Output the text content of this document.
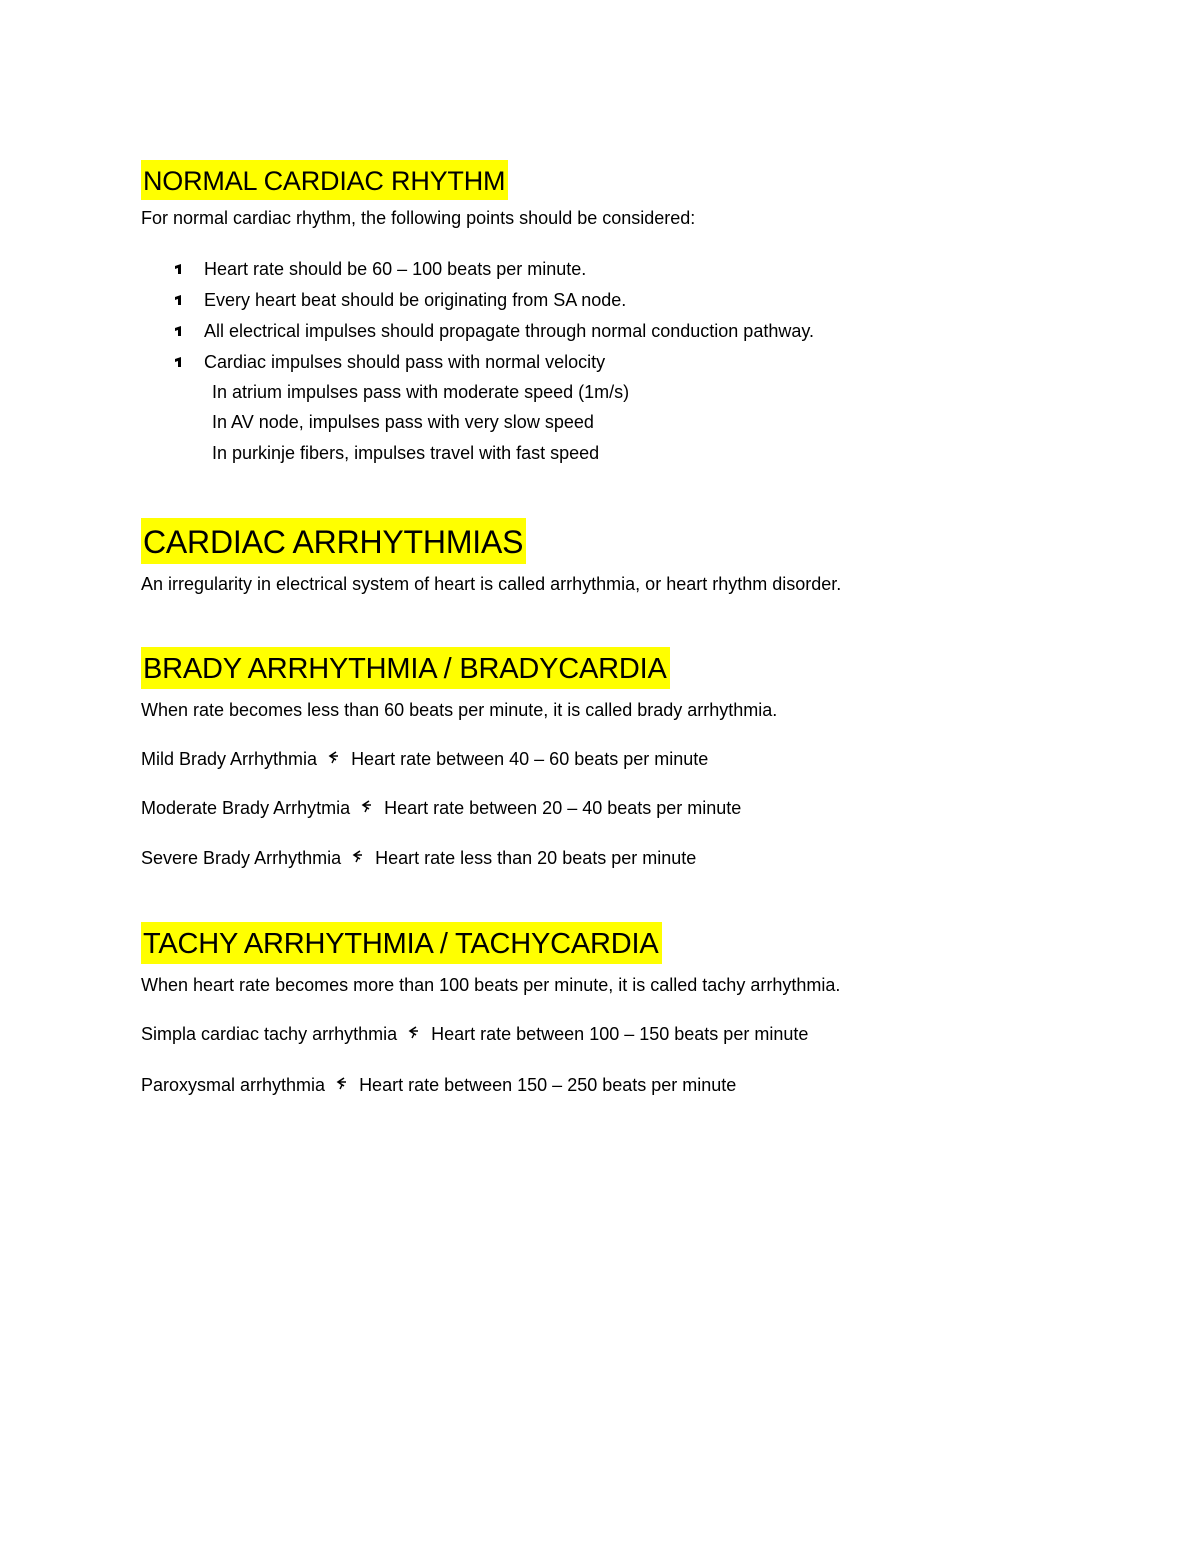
NORMAL CARDIAC RHYTHM
For normal cardiac rhythm, the following points should be considered:
Heart rate should be 60 – 100 beats per minute.
Every heart beat should be originating from SA node.
All electrical impulses should propagate through normal conduction pathway.
Cardiac impulses should pass with normal velocity
In atrium impulses pass with moderate speed (1m/s)
In AV node, impulses pass with very slow speed
In purkinje fibers, impulses travel with fast speed
CARDIAC ARRHYTHMIAS
An irregularity in electrical system of heart is called arrhythmia, or heart rhythm disorder.
BRADY ARRHYTHMIA / BRADYCARDIA
When rate becomes less than 60 beats per minute, it is called brady arrhythmia.
Mild Brady Arrhythmia Heart rate between 40 – 60 beats per minute
Moderate Brady Arrhytmia Heart rate between 20 – 40 beats per minute
Severe Brady Arrhythmia Heart rate less than 20 beats per minute
TACHY ARRHYTHMIA / TACHYCARDIA
When heart rate becomes more than 100 beats per minute, it is called tachy arrhythmia.
Simpla cardiac tachy arrhythmia Heart rate between 100 – 150 beats per minute
Paroxysmal arrhythmia Heart rate between 150 – 250 beats per minute
